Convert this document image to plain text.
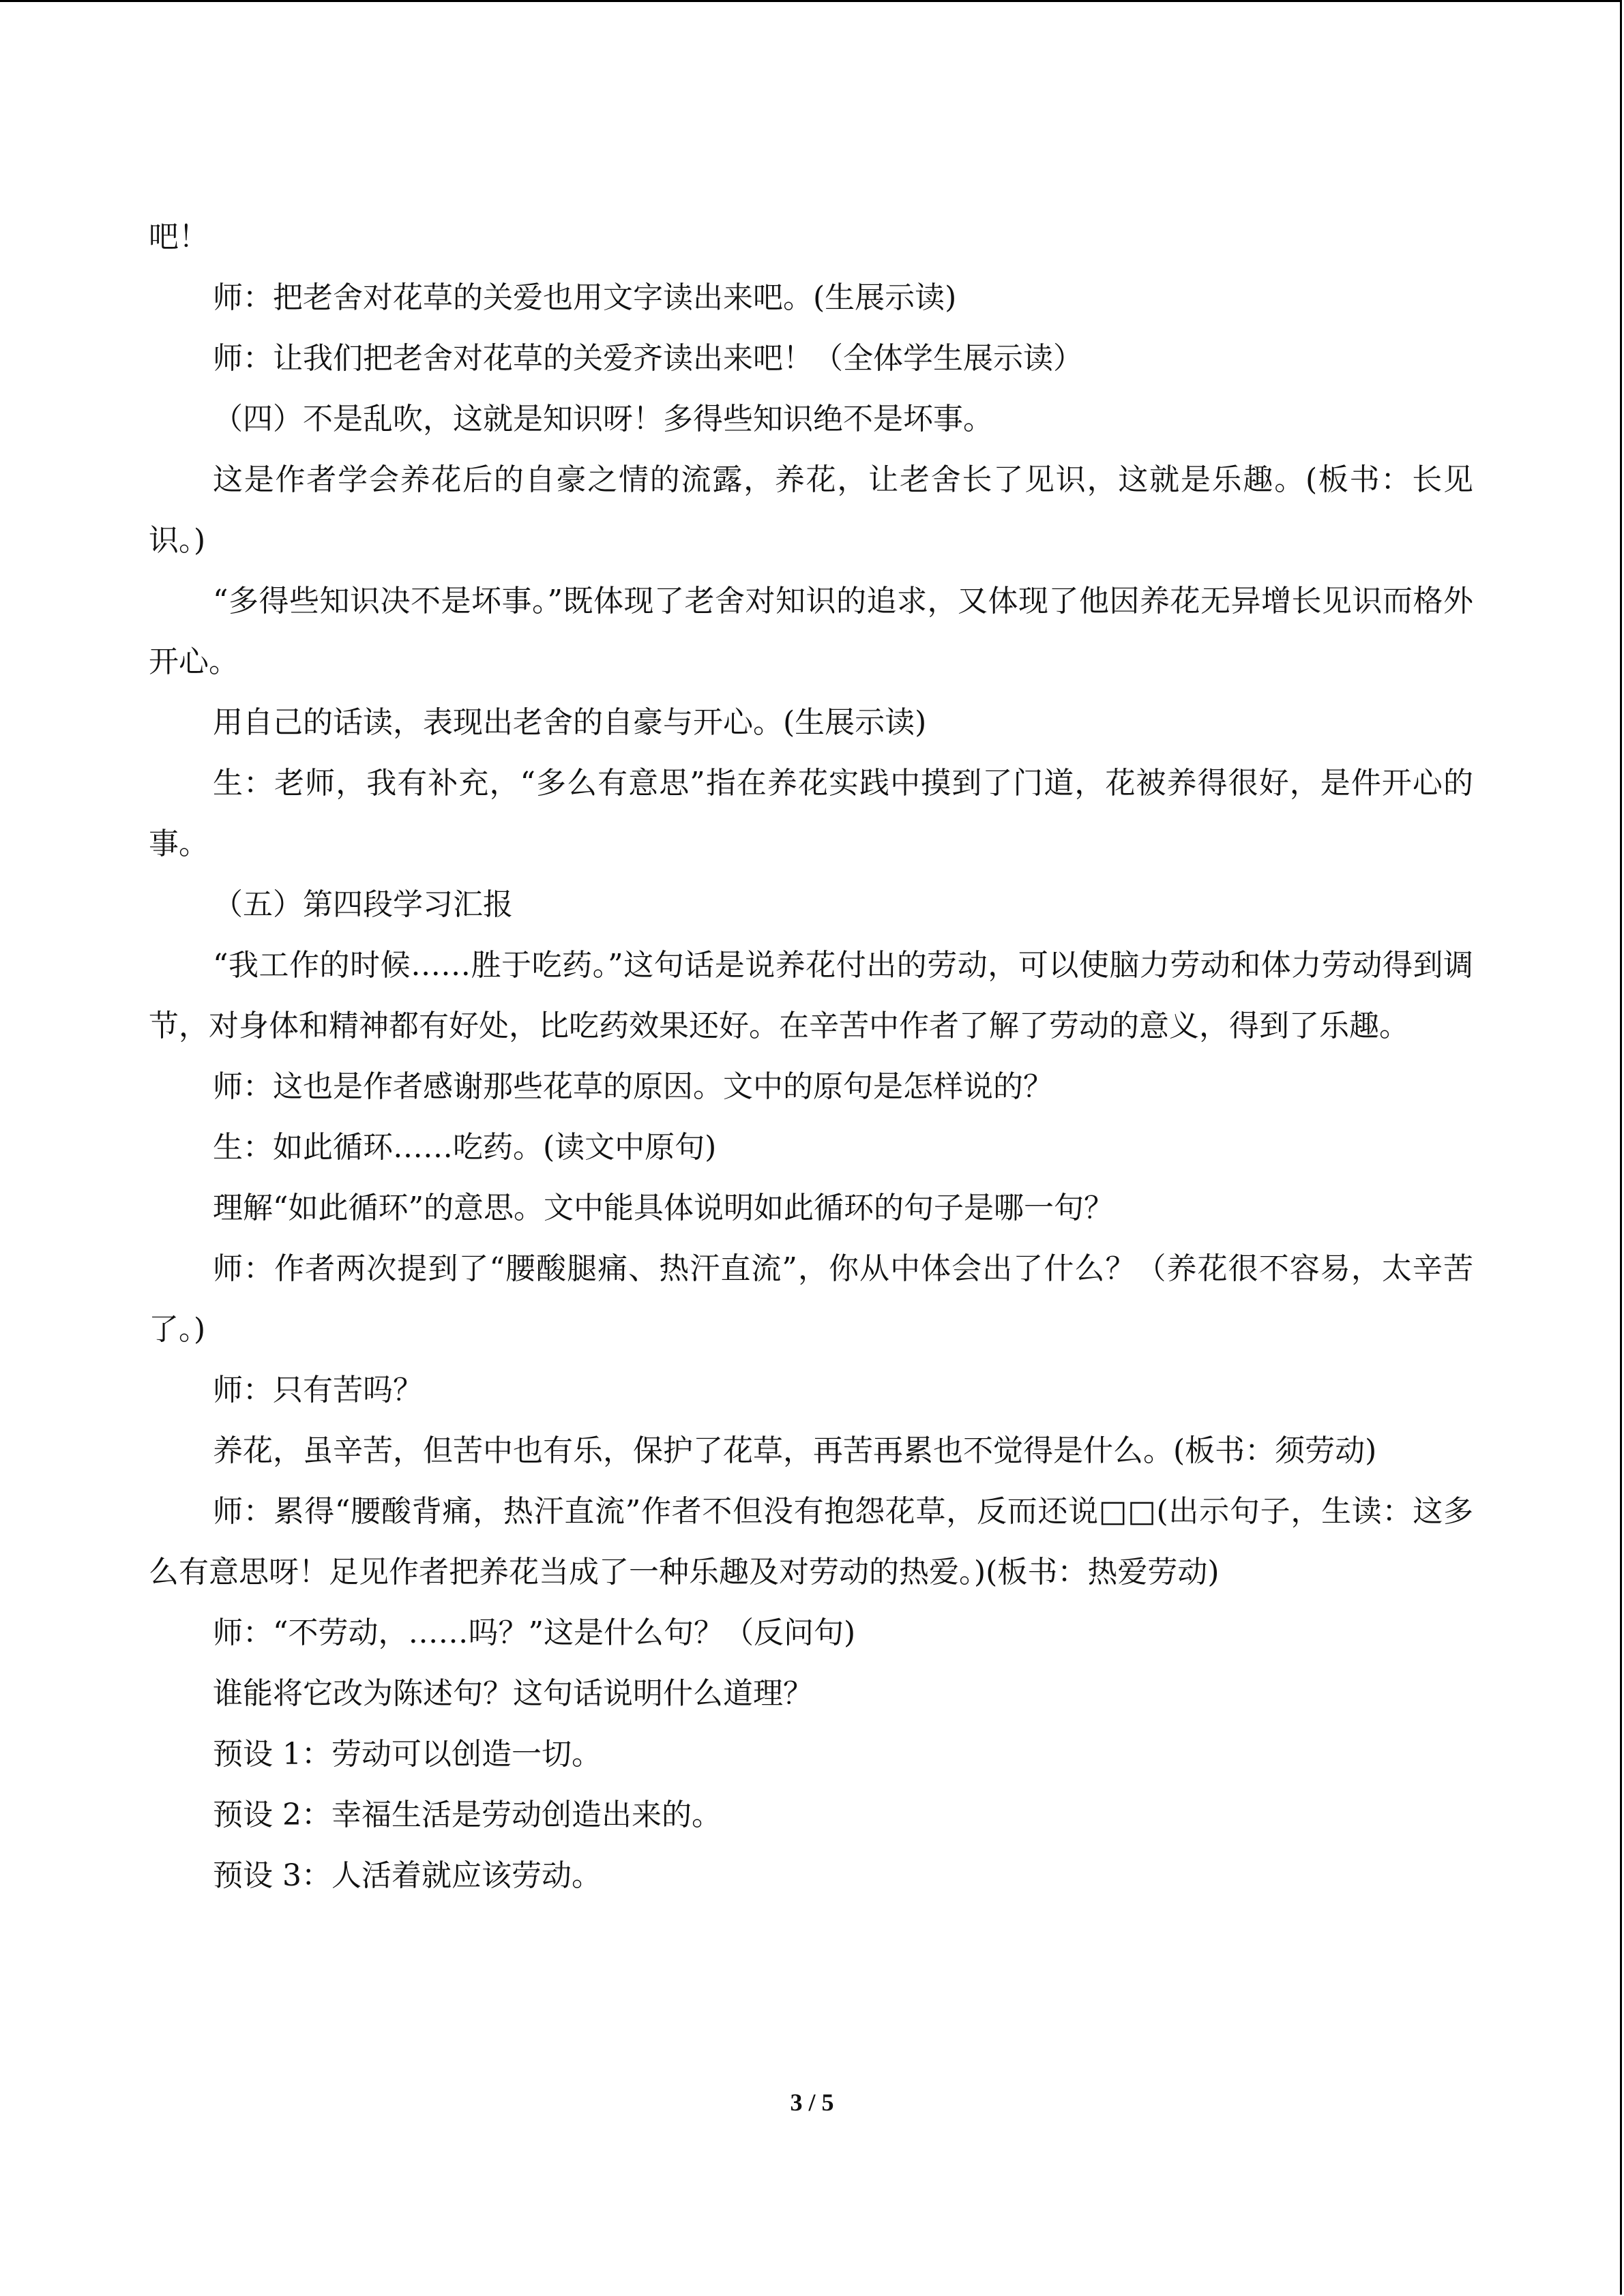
吧！

师：把老舍对花草的关爱也用文字读出来吧。(生展示读)

师：让我们把老舍对花草的关爱齐读出来吧！（全体学生展示读）

（四）不是乱吹，这就是知识呀！多得些知识绝不是坏事。

这是作者学会养花后的自豪之情的流露，养花，让老舍长了见识，这就是乐趣。(板书：长见识。)

“多得些知识决不是坏事。”既体现了老舍对知识的追求，又体现了他因养花无异增长见识而格外开心。

用自己的话读，表现出老舍的自豪与开心。(生展示读)

生：老师，我有补充，“多么有意思”指在养花实践中摸到了门道，花被养得很好，是件开心的事。

（五）第四段学习汇报

“我工作的时候……胜于吃药。”这句话是说养花付出的劳动，可以使脑力劳动和体力劳动得到调节，对身体和精神都有好处，比吃药效果还好。在辛苦中作者了解了劳动的意义，得到了乐趣。

师：这也是作者感谢那些花草的原因。文中的原句是怎样说的？

生：如此循环……吃药。(读文中原句)

理解“如此循环”的意思。文中能具体说明如此循环的句子是哪一句？

师：作者两次提到了“腰酸腿痛、热汗直流”，你从中体会出了什么？（养花很不容易，太辛苦了。)

师：只有苦吗？

养花，虽辛苦，但苦中也有乐，保护了花草，再苦再累也不觉得是什么。(板书：须劳动)

师：累得“腰酸背痛，热汗直流”作者不但没有抱怨花草，反而还说□□(出示句子，生读：这多么有意思呀！足见作者把养花当成了一种乐趣及对劳动的热爱。)(板书：热爱劳动)

师：“不劳动，……吗？”这是什么句？（反问句)

谁能将它改为陈述句？这句话说明什么道理？

预设 1：劳动可以创造一切。

预设 2：幸福生活是劳动创造出来的。

预设 3：人活着就应该劳动。

3 / 5
